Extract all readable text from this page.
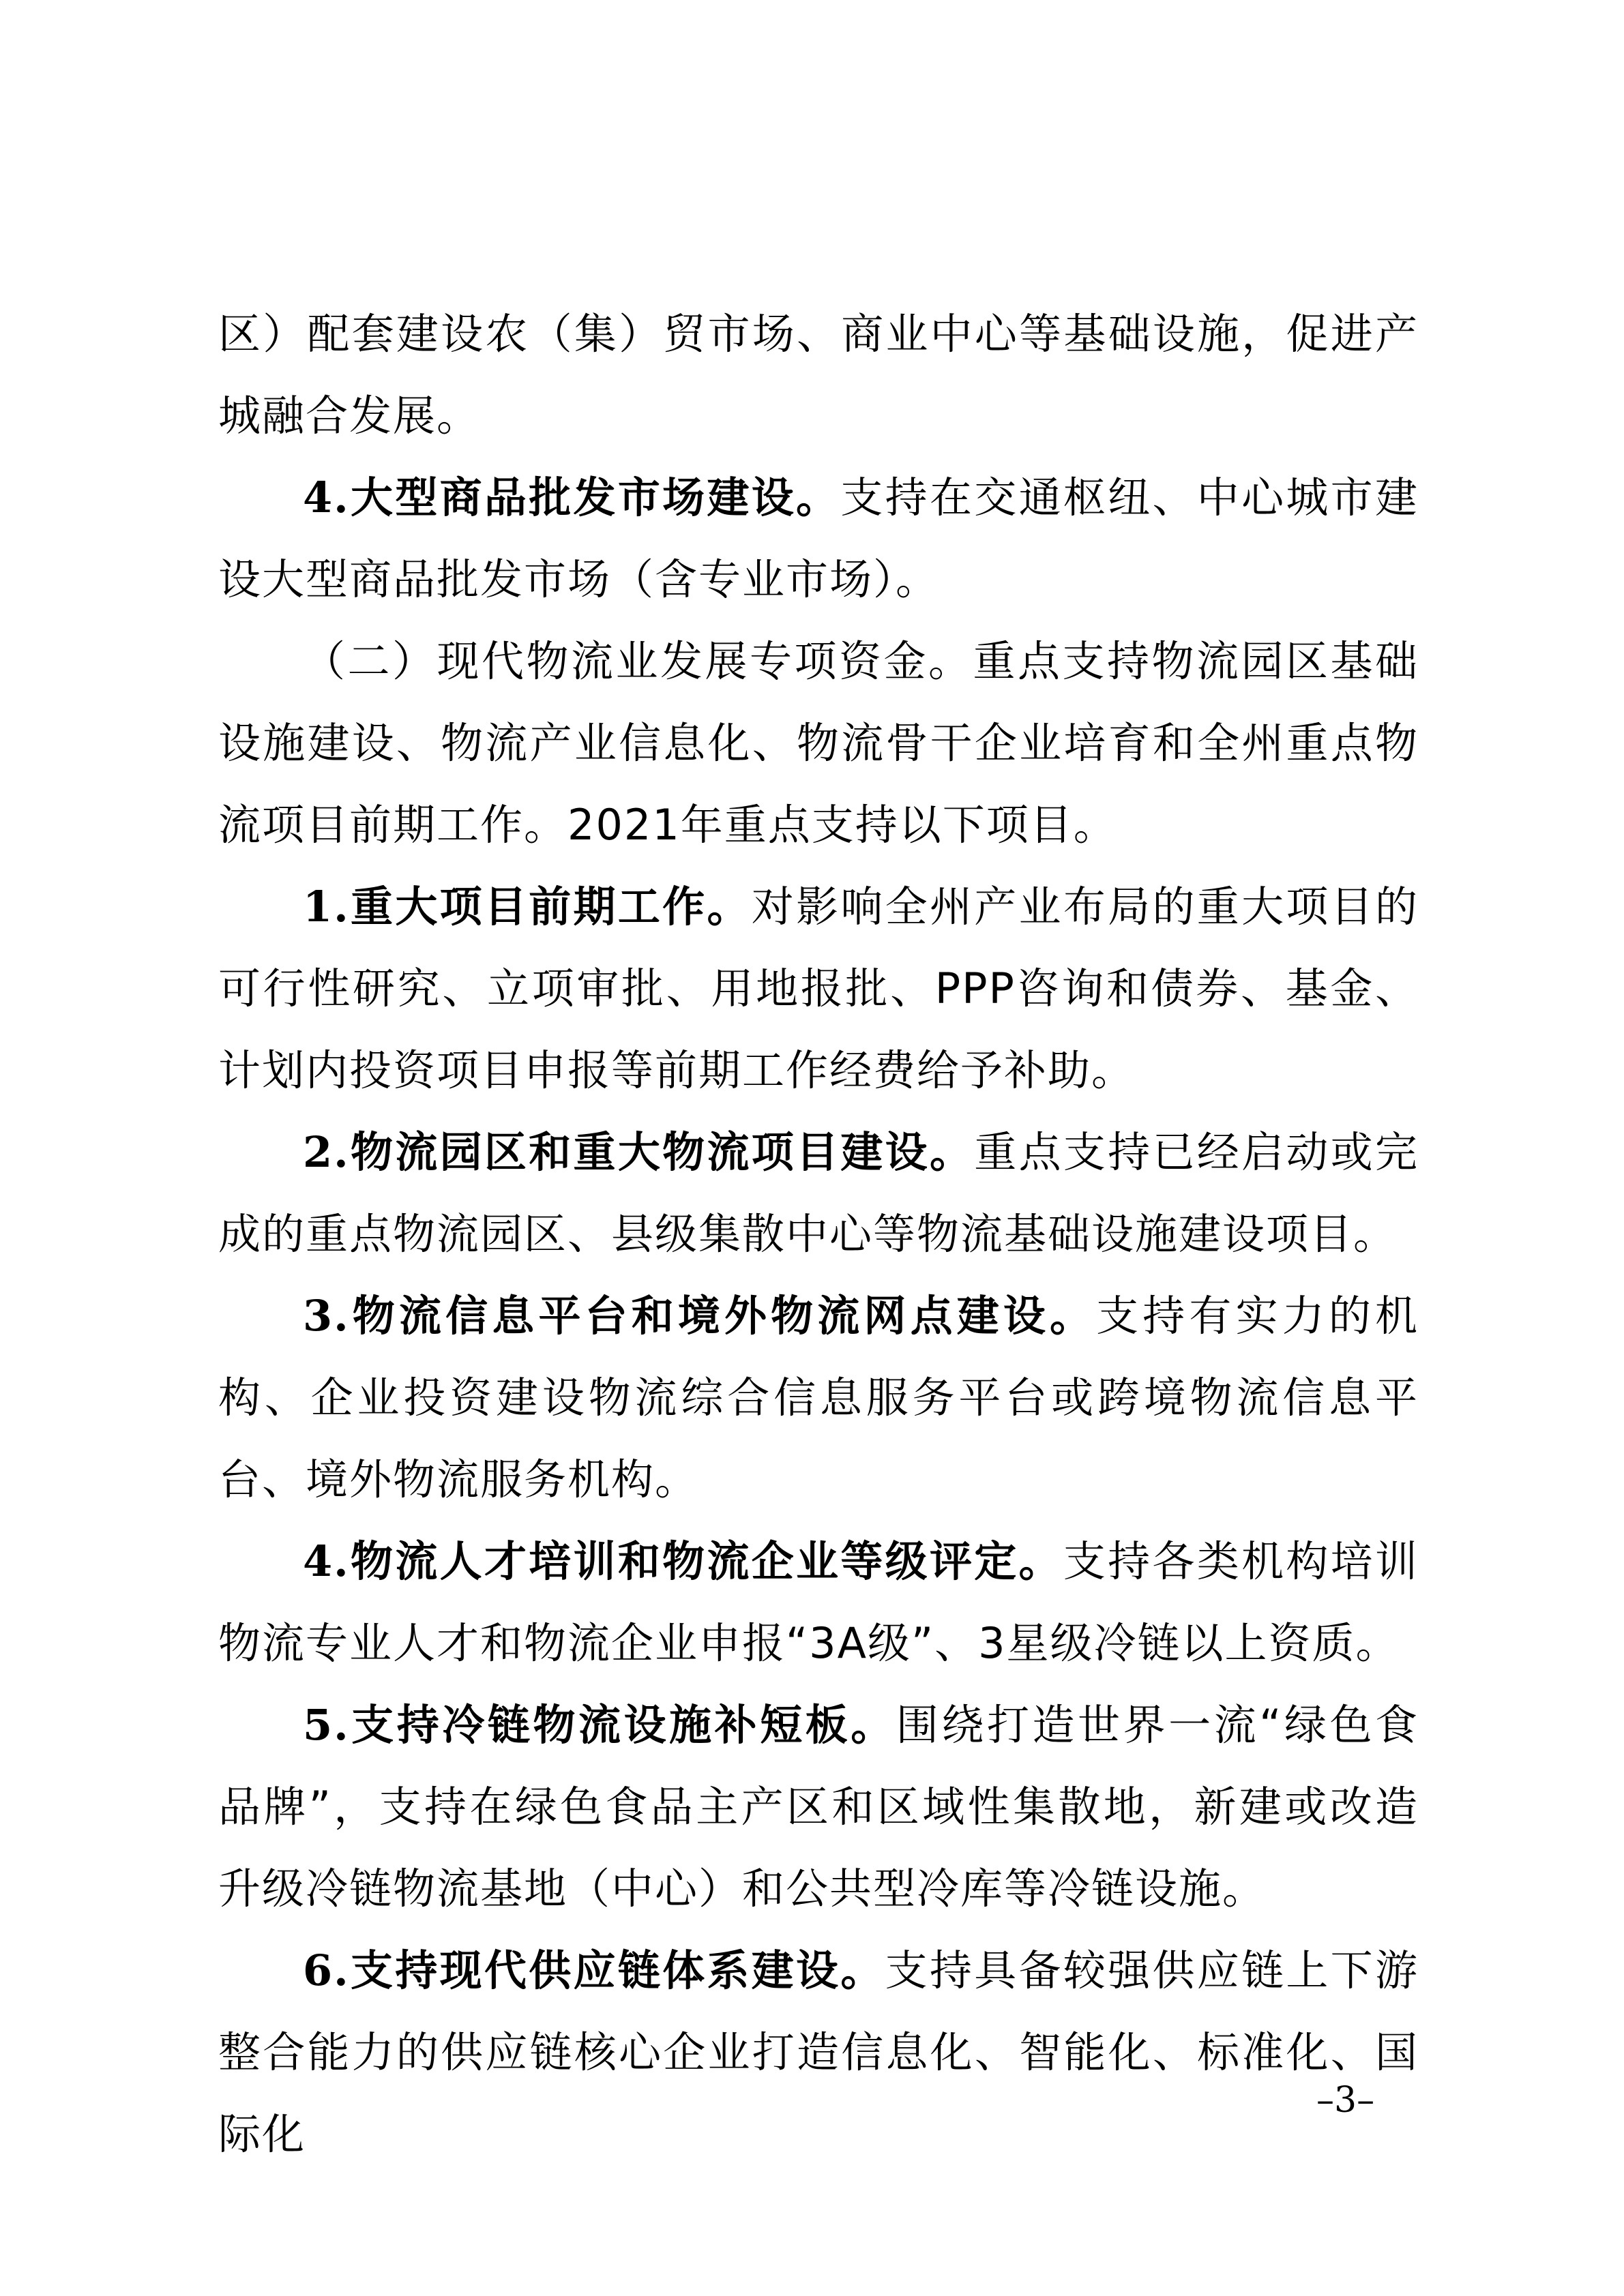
区）配套建设农（集）贸市场、商业中心等基础设施，促进产城融合发展。

4.大型商品批发市场建设。支持在交通枢纽、中心城市建设大型商品批发市场（含专业市场）。

（二）现代物流业发展专项资金。重点支持物流园区基础设施建设、物流产业信息化、物流骨干企业培育和全州重点物流项目前期工作。2021年重点支持以下项目。

1.重大项目前期工作。对影响全州产业布局的重大项目的可行性研究、立项审批、用地报批、PPP咨询和债券、基金、计划内投资项目申报等前期工作经费给予补助。

2.物流园区和重大物流项目建设。重点支持已经启动或完成的重点物流园区、县级集散中心等物流基础设施建设项目。

3.物流信息平台和境外物流网点建设。支持有实力的机构、企业投资建设物流综合信息服务平台或跨境物流信息平台、境外物流服务机构。

4.物流人才培训和物流企业等级评定。支持各类机构培训物流专业人才和物流企业申报“3A级”、3星级冷链以上资质。

5.支持冷链物流设施补短板。围绕打造世界一流“绿色食品牌”，支持在绿色食品主产区和区域性集散地，新建或改造升级冷链物流基地（中心）和公共型冷库等冷链设施。

6.支持现代供应链体系建设。支持具备较强供应链上下游整合能力的供应链核心企业打造信息化、智能化、标准化、国际化

–3–
